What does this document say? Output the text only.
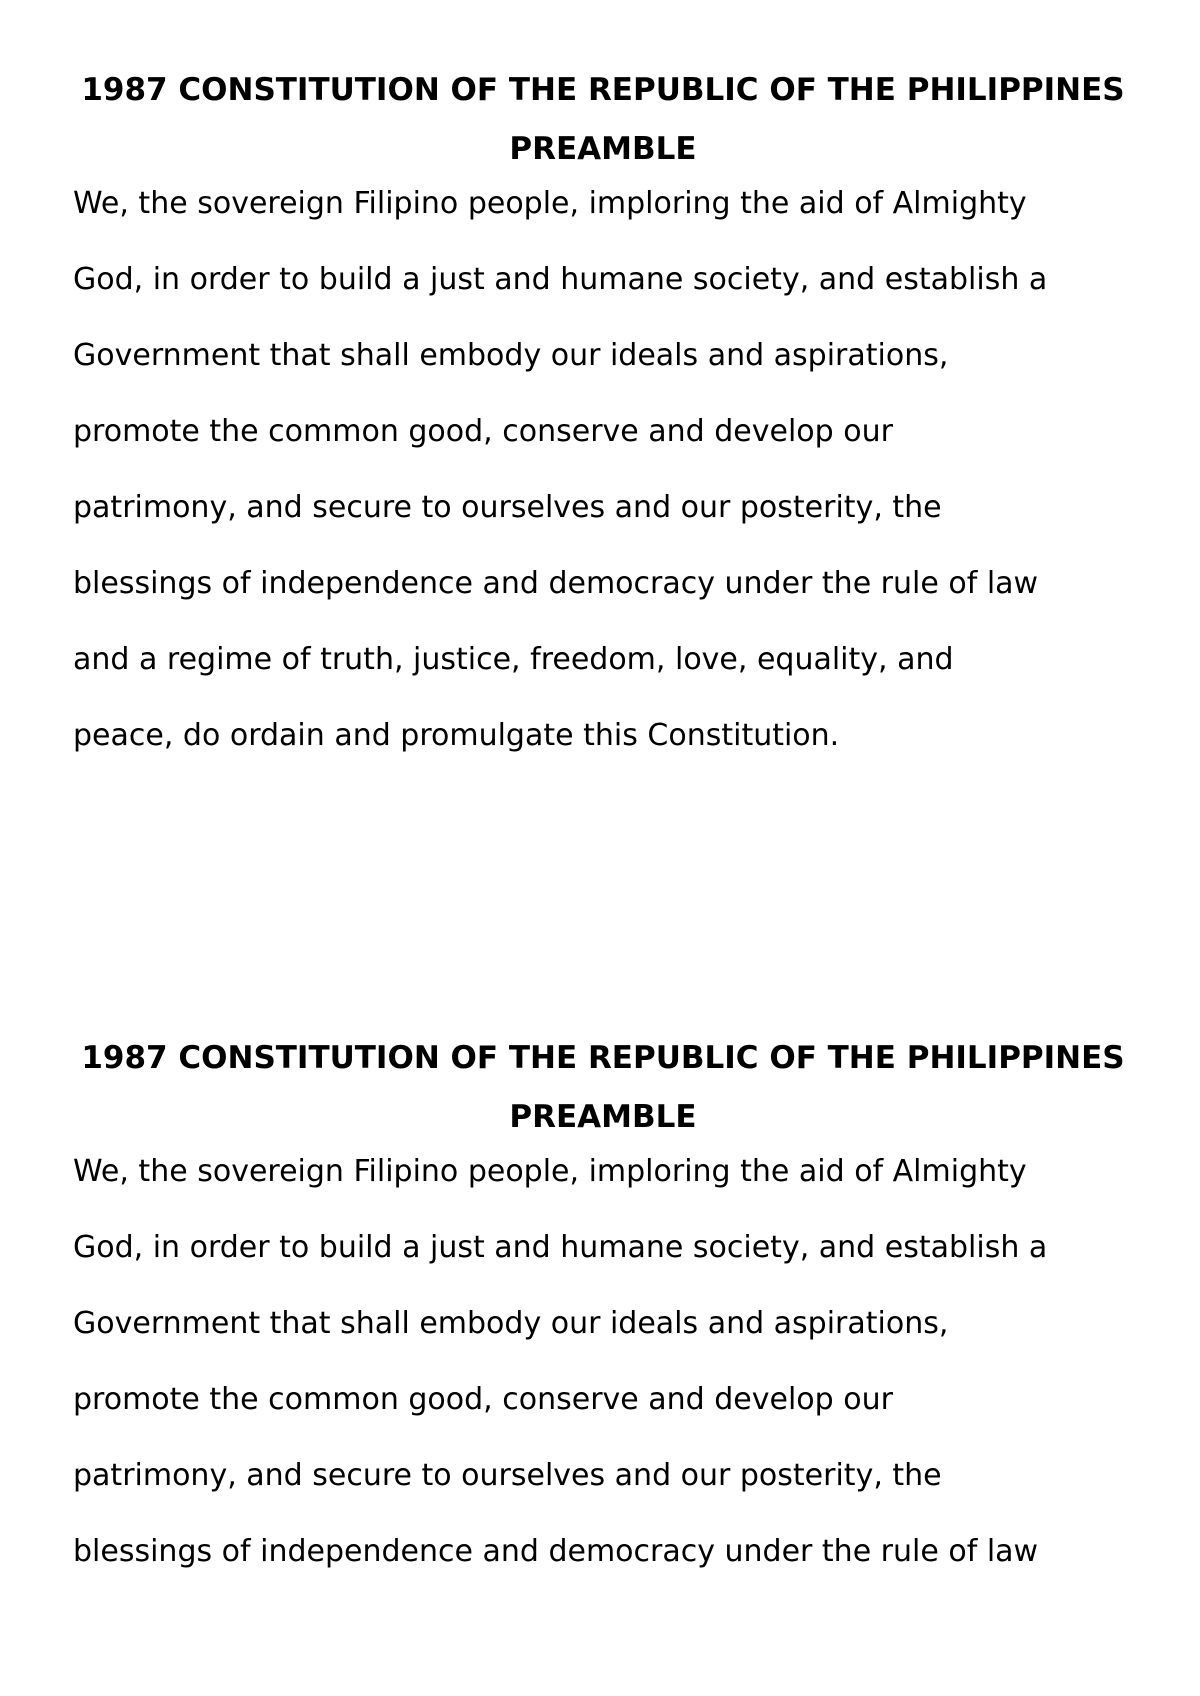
1987 CONSTITUTION OF THE REPUBLIC OF THE PHILIPPINES
PREAMBLE
We, the sovereign Filipino people, imploring the aid of Almighty
God, in order to build a just and humane society, and establish a
Government that shall embody our ideals and aspirations,
promote the common good, conserve and develop our
patrimony, and secure to ourselves and our posterity, the
blessings of independence and democracy under the rule of law
and a regime of truth, justice, freedom, love, equality, and
peace, do ordain and promulgate this Constitution.
1987 CONSTITUTION OF THE REPUBLIC OF THE PHILIPPINES
PREAMBLE
We, the sovereign Filipino people, imploring the aid of Almighty
God, in order to build a just and humane society, and establish a
Government that shall embody our ideals and aspirations,
promote the common good, conserve and develop our
patrimony, and secure to ourselves and our posterity, the
blessings of independence and democracy under the rule of law
